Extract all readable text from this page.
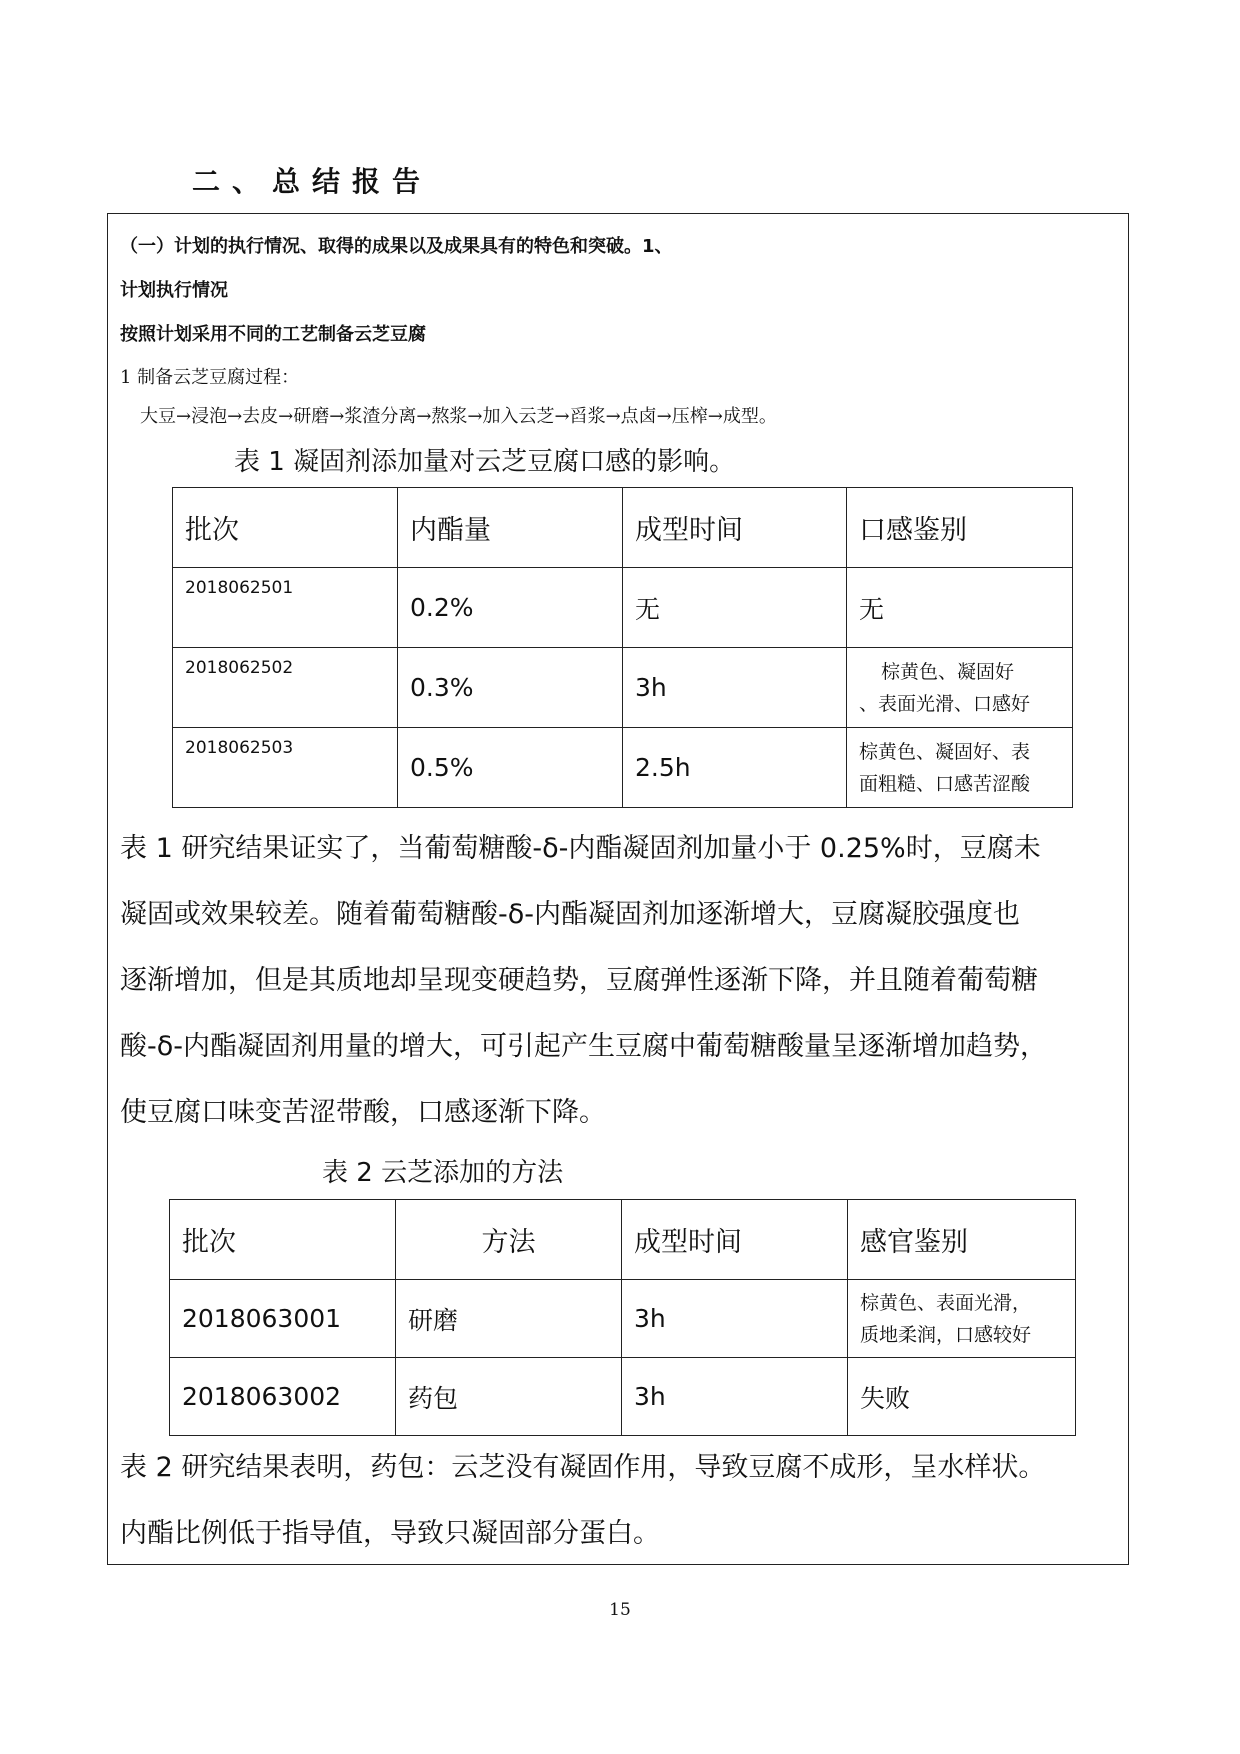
二、总结报告
（一）计划的执行情况、取得的成果以及成果具有的特色和突破。1、
计划执行情况
按照计划采用不同的工艺制备云芝豆腐
1 制备云芝豆腐过程：
大豆→浸泡→去皮→研磨→浆渣分离→熬浆→加入云芝→舀浆→点卤→压榨→成型。
表 1 凝固剂添加量对云芝豆腐口感的影响。
批次	内酯量	成型时间	口感鉴别
2018062501	0.2%	无	无
2018062502	0.3%	3h	棕黄色、凝固好
、表面光滑、口感好

2018062503	0.5%	2.5h	棕黄色、凝固好、表
面粗糙、口感苦涩酸
表 1 研究结果证实了，当葡萄糖酸-δ-内酯凝固剂加量小于 0.25%时，豆腐未
凝固或效果较差。随着葡萄糖酸-δ-内酯凝固剂加逐渐增大，豆腐凝胶强度也
逐渐增加，但是其质地却呈现变硬趋势，豆腐弹性逐渐下降，并且随着葡萄糖
酸-δ-内酯凝固剂用量的增大，可引起产生豆腐中葡萄糖酸量呈逐渐增加趋势，
使豆腐口味变苦涩带酸，口感逐渐下降。
表 2 云芝添加的方法
批次	方法	成型时间	感官鉴别
2018063001	研磨	3h	棕黄色、表面光滑，
质地柔润，口感较好

2018063002	药包	3h	失败
表 2 研究结果表明，药包：云芝没有凝固作用，导致豆腐不成形，呈水样状。
内酯比例低于指导值，导致只凝固部分蛋白。
15
